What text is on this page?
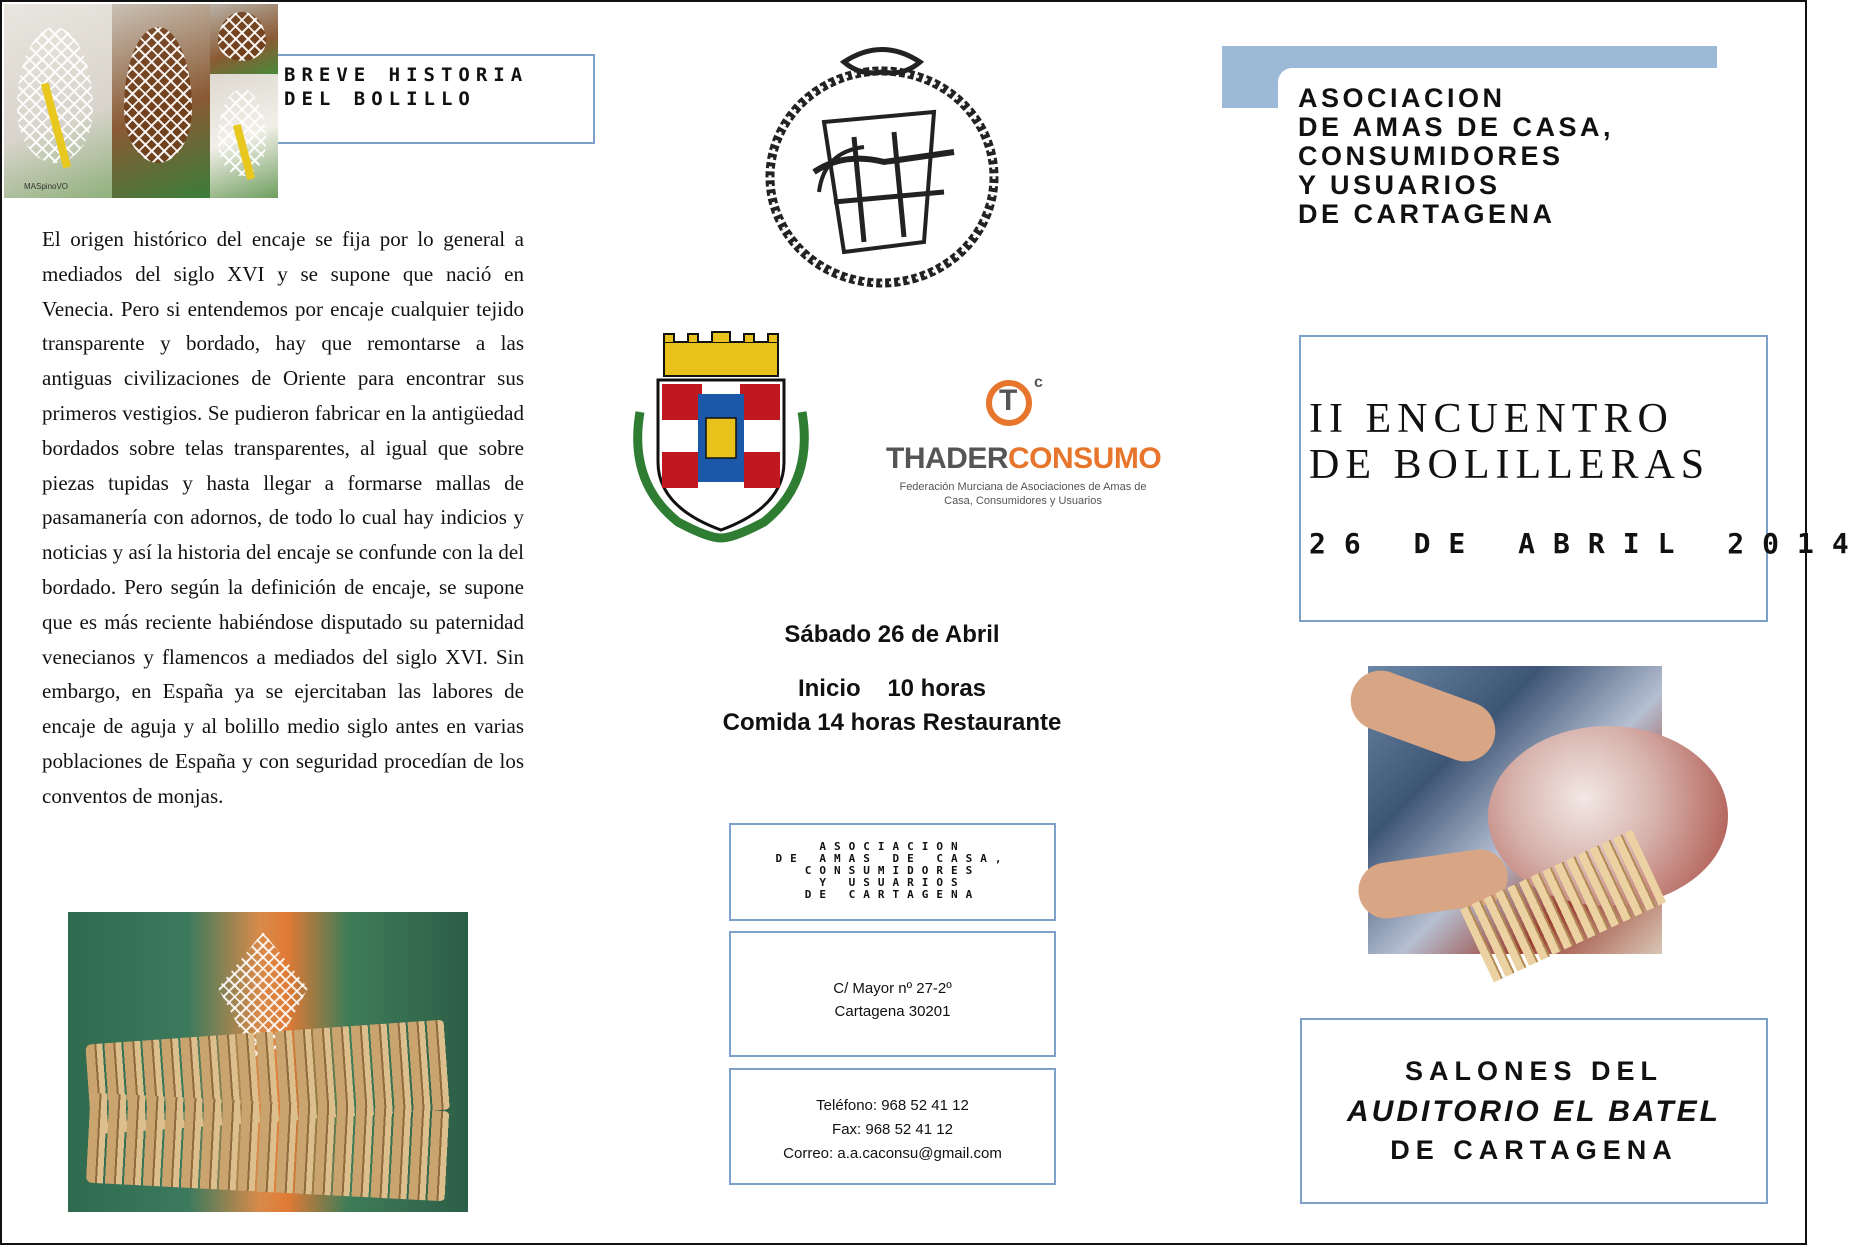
MASpinoVO
BREVE HISTORIA
DEL BOLILLO
El origen histórico del encaje se fija por lo general a mediados del siglo XVI y se supone que nació en Venecia. Pero si entendemos por encaje cualquier tejido transparente y bordado, hay que remontarse a las antiguas civilizaciones de Oriente para encontrar sus primeros vestigios. Se pudieron fabricar en la antigüedad bordados sobre telas transparentes, al igual que sobre piezas tupidas y hasta llegar a formarse mallas de pasamanería con adornos, de todo lo cual hay indicios y noticias y así la historia del encaje se confunde con la del bordado. Pero según la definición de encaje, se supone que es más reciente habiéndose disputado su paternidad venecianos y flamencos a mediados del siglo XVI. Sin embargo, en España ya se ejercitaban las labores de encaje de aguja y al bolillo medio siglo antes en varias poblaciones de España y con seguridad procedían de los conventos de monjas.
T
c
THADERCONSUMO
Federación Murciana de Asociaciones de Amas de Casa, Consumidores y Usuarios
Sábado 26 de Abril
Inicio    10 horas
Comida 14 horas Restaurante
ASOCIACION
DE AMAS DE CASA,
CONSUMIDORES
Y USUARIOS
DE CARTAGENA
C/ Mayor nº 27-2º
Cartagena 30201
Teléfono: 968 52 41 12
Fax: 968 52 41 12
Correo: a.a.caconsu@gmail.com
ASOCIACION
DE AMAS DE CASA,
CONSUMIDORES
Y USUARIOS
DE CARTAGENA
II ENCUENTRO
DE BOLILLERAS
26 DE ABRIL 2014
SALONES DEL
AUDITORIO EL BATEL
DE CARTAGENA
